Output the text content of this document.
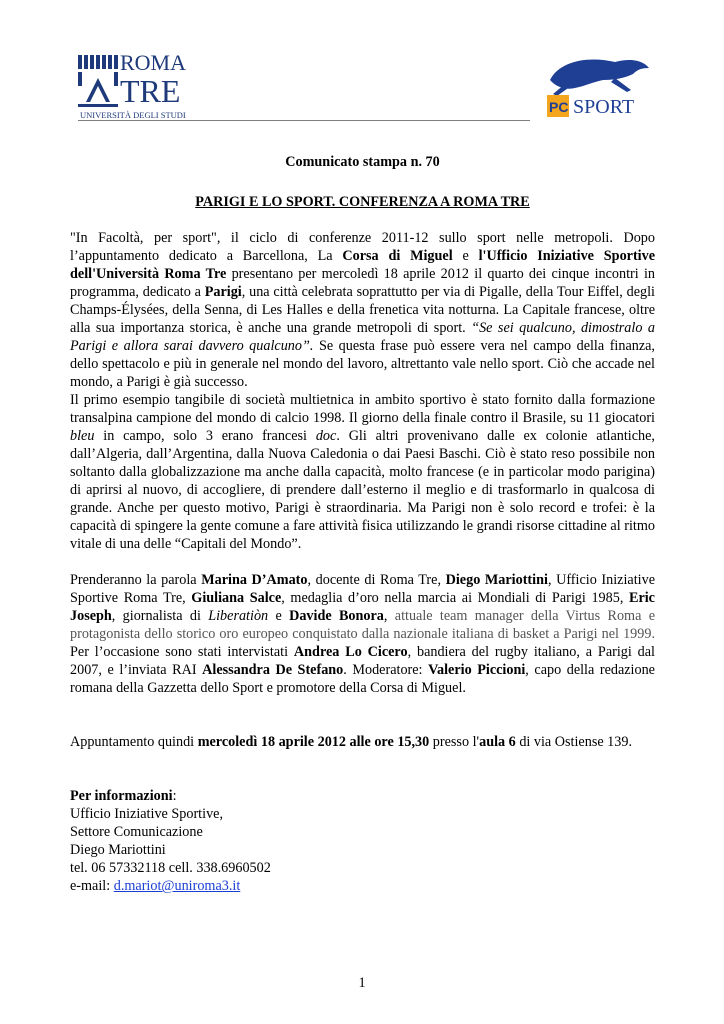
ROMA
TRE
UNIVERSITÀ DEGLI STUDI	PC SPORT

Comunicato stampa n. 70

PARIGI E LO SPORT. CONFERENZA A ROMA TRE

"In Facoltà, per sport", il ciclo di conferenze 2011-12 sullo sport nelle metropoli. Dopo l’appuntamento dedicato a Barcellona, La Corsa di Miguel e l'Ufficio Iniziative Sportive dell'Università Roma Tre presentano per mercoledì 18 aprile 2012 il quarto dei cinque incontri in programma, dedicato a Parigi, una città celebrata soprattutto per via di Pigalle, della Tour Eiffel, degli Champs-Élysées, della Senna, di Les Halles e della frenetica vita notturna. La Capitale francese, oltre alla sua importanza storica, è anche una grande metropoli di sport. “Se sei qualcuno, dimostralo a Parigi e allora sarai davvero qualcuno”. Se questa frase può essere vera nel campo della finanza, dello spettacolo e più in generale nel mondo del lavoro, altrettanto vale nello sport. Ciò che accade nel mondo, a Parigi è già successo.

Il primo esempio tangibile di società multietnica in ambito sportivo è stato fornito dalla formazione transalpina campione del mondo di calcio 1998. Il giorno della finale contro il Brasile, su 11 giocatori bleu in campo, solo 3 erano francesi doc. Gli altri provenivano dalle ex colonie atlantiche, dall’Algeria, dall’Argentina, dalla Nuova Caledonia o dai Paesi Baschi. Ciò è stato reso possibile non soltanto dalla globalizzazione ma anche dalla capacità, molto francese (e in particolar modo parigina) di aprirsi al nuovo, di accogliere, di prendere dall’esterno il meglio e di trasformarlo in qualcosa di grande. Anche per questo motivo, Parigi è straordinaria. Ma Parigi non è solo record e trofei: è la capacità di spingere la gente comune a fare attività fisica utilizzando le grandi risorse cittadine al ritmo vitale di una delle “Capitali del Mondo”.

Prenderanno la parola Marina D’Amato, docente di Roma Tre, Diego Mariottini, Ufficio Iniziative Sportive Roma Tre, Giuliana Salce, medaglia d’oro nella marcia ai Mondiali di Parigi 1985, Eric Joseph, giornalista di Liberatiòn e Davide Bonora, attuale team manager della Virtus Roma e protagonista dello storico oro europeo conquistato dalla nazionale italiana di basket a Parigi nel 1999. Per l’occasione sono stati intervistati Andrea Lo Cicero, bandiera del rugby italiano, a Parigi dal 2007, e l’inviata RAI Alessandra De Stefano. Moderatore: Valerio Piccioni, capo della redazione romana della Gazzetta dello Sport e promotore della Corsa di Miguel.

Appuntamento quindi mercoledì 18 aprile 2012 alle ore 15,30 presso l'aula 6 di via Ostiense 139.

Per informazioni:

Ufficio Iniziative Sportive,

Settore Comunicazione

Diego Mariottini

tel. 06 57332118 cell. 338.6960502

e-mail: d.mariot@uniroma3.it

1
